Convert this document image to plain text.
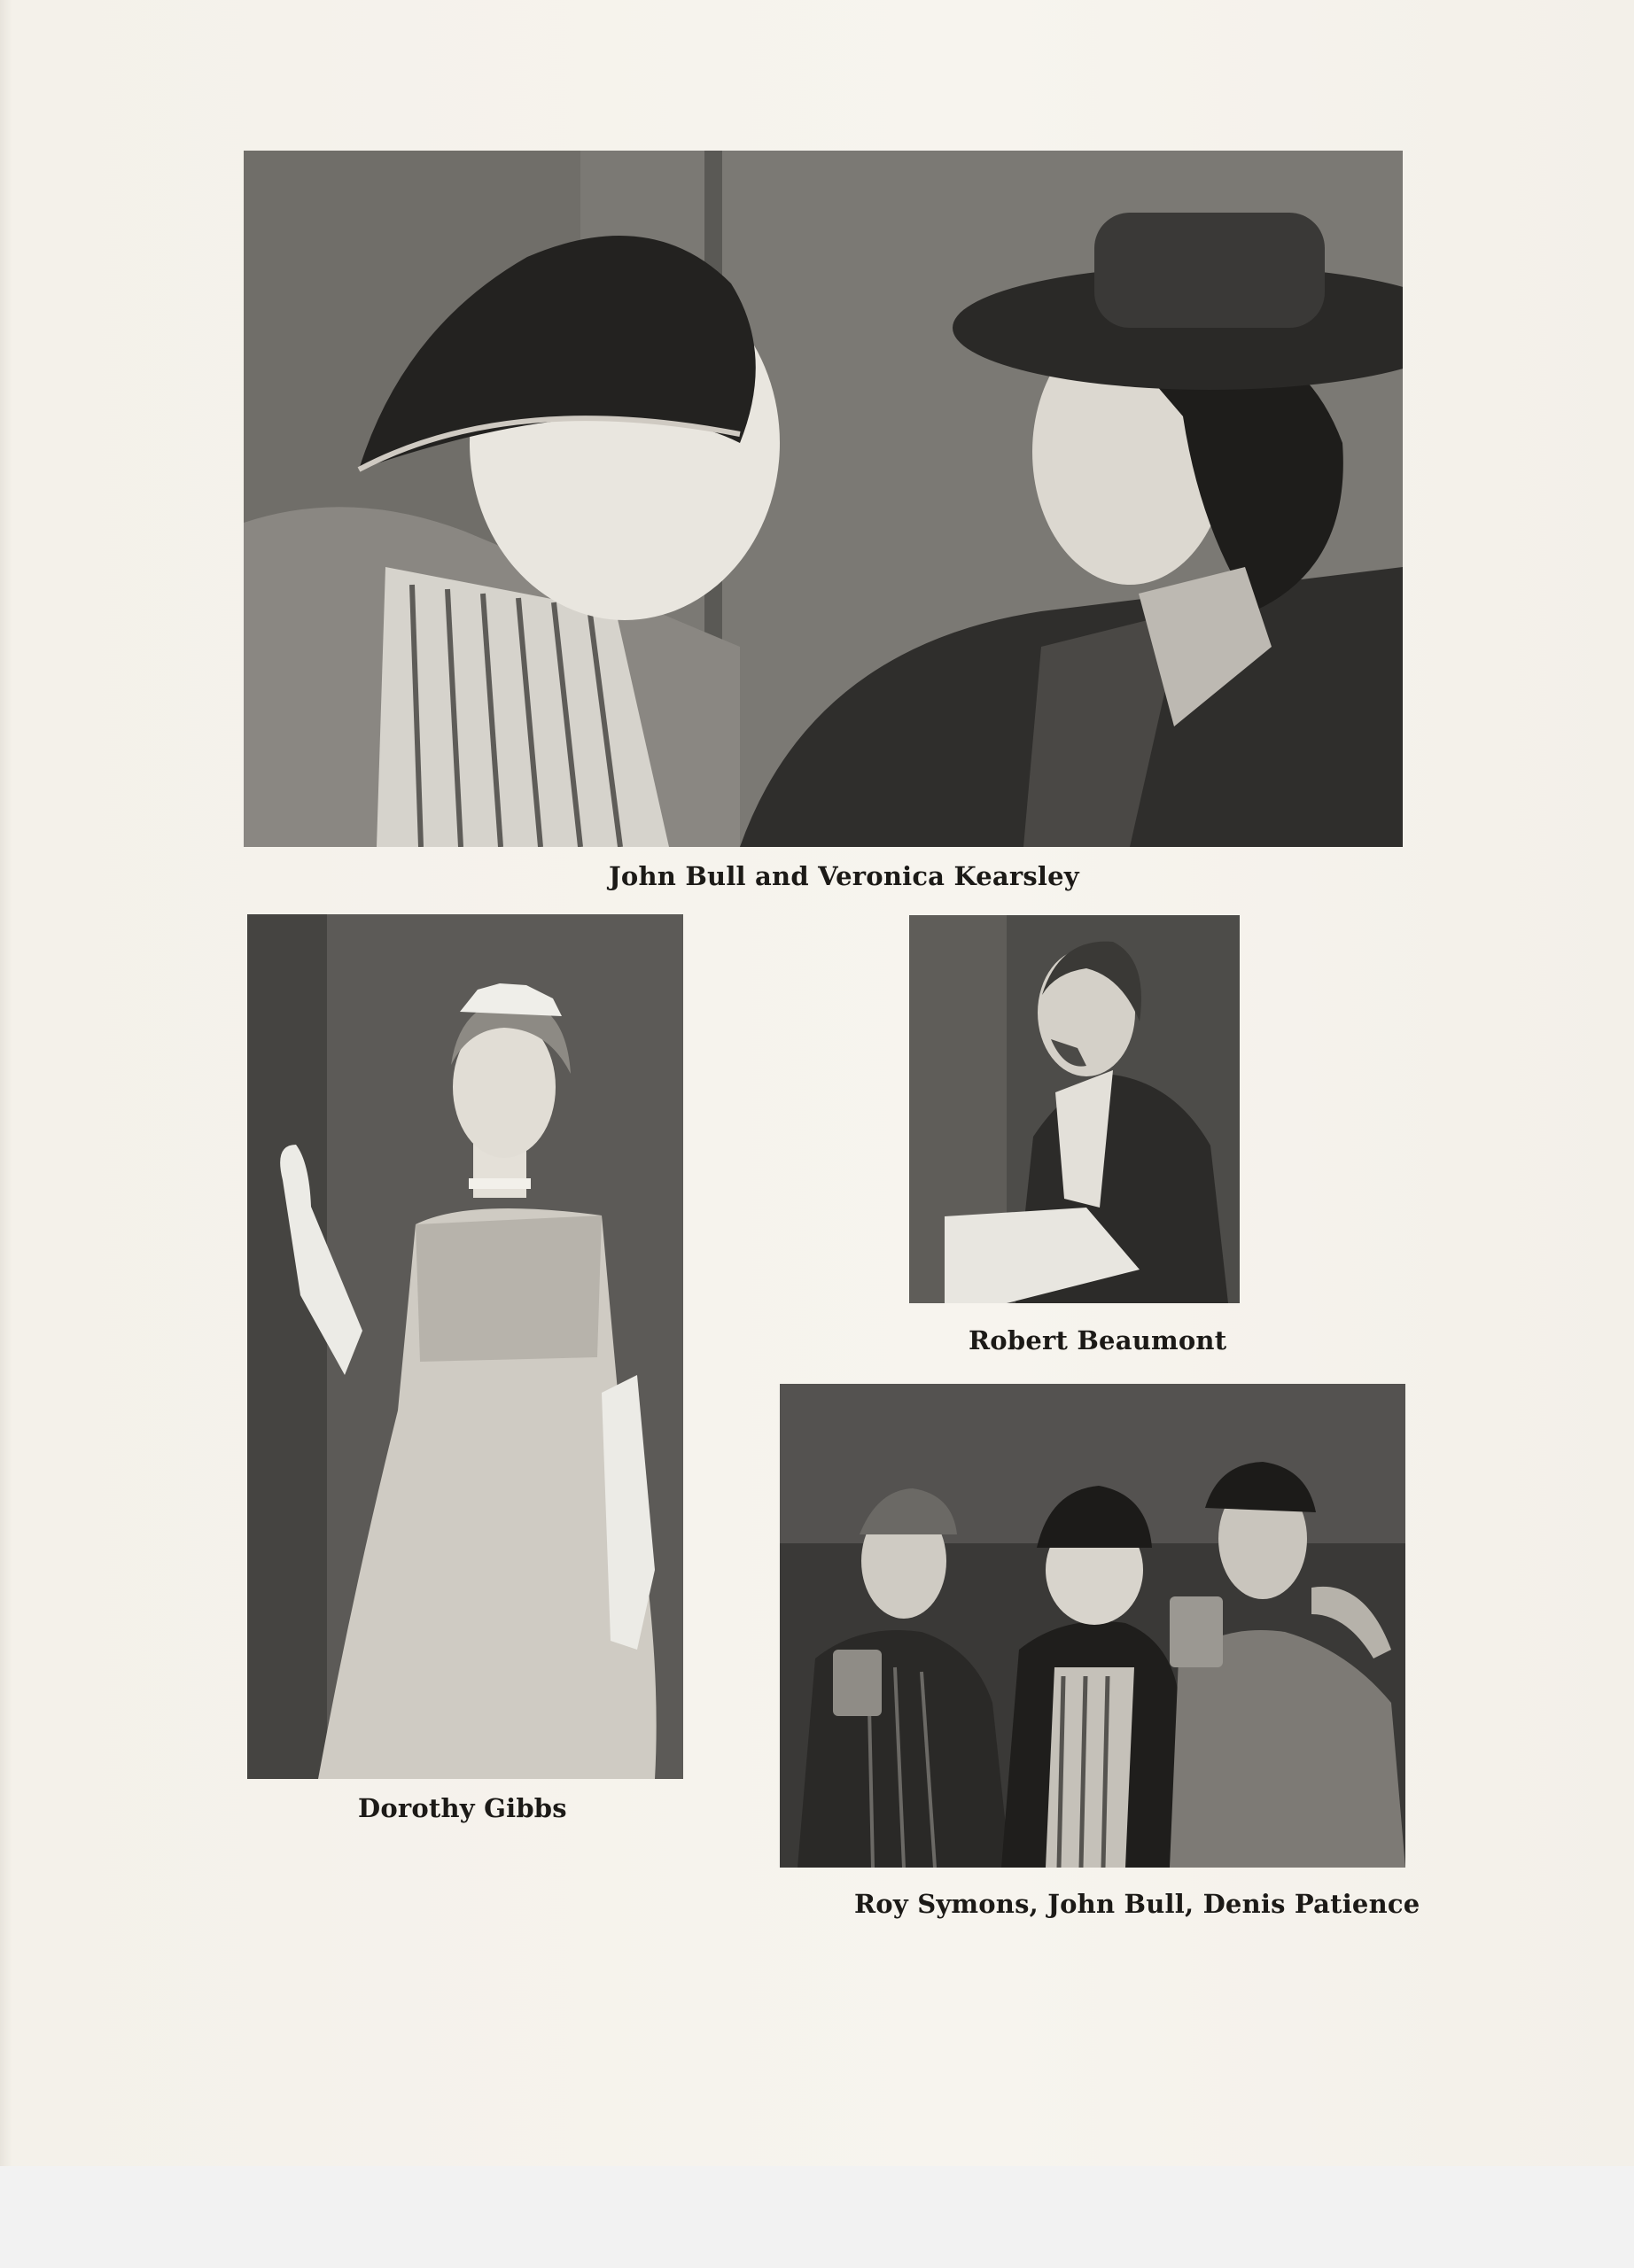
John Bull and Veronica Kearsley
Dorothy Gibbs
Robert Beaumont
Roy Symons, John Bull, Denis Patience
